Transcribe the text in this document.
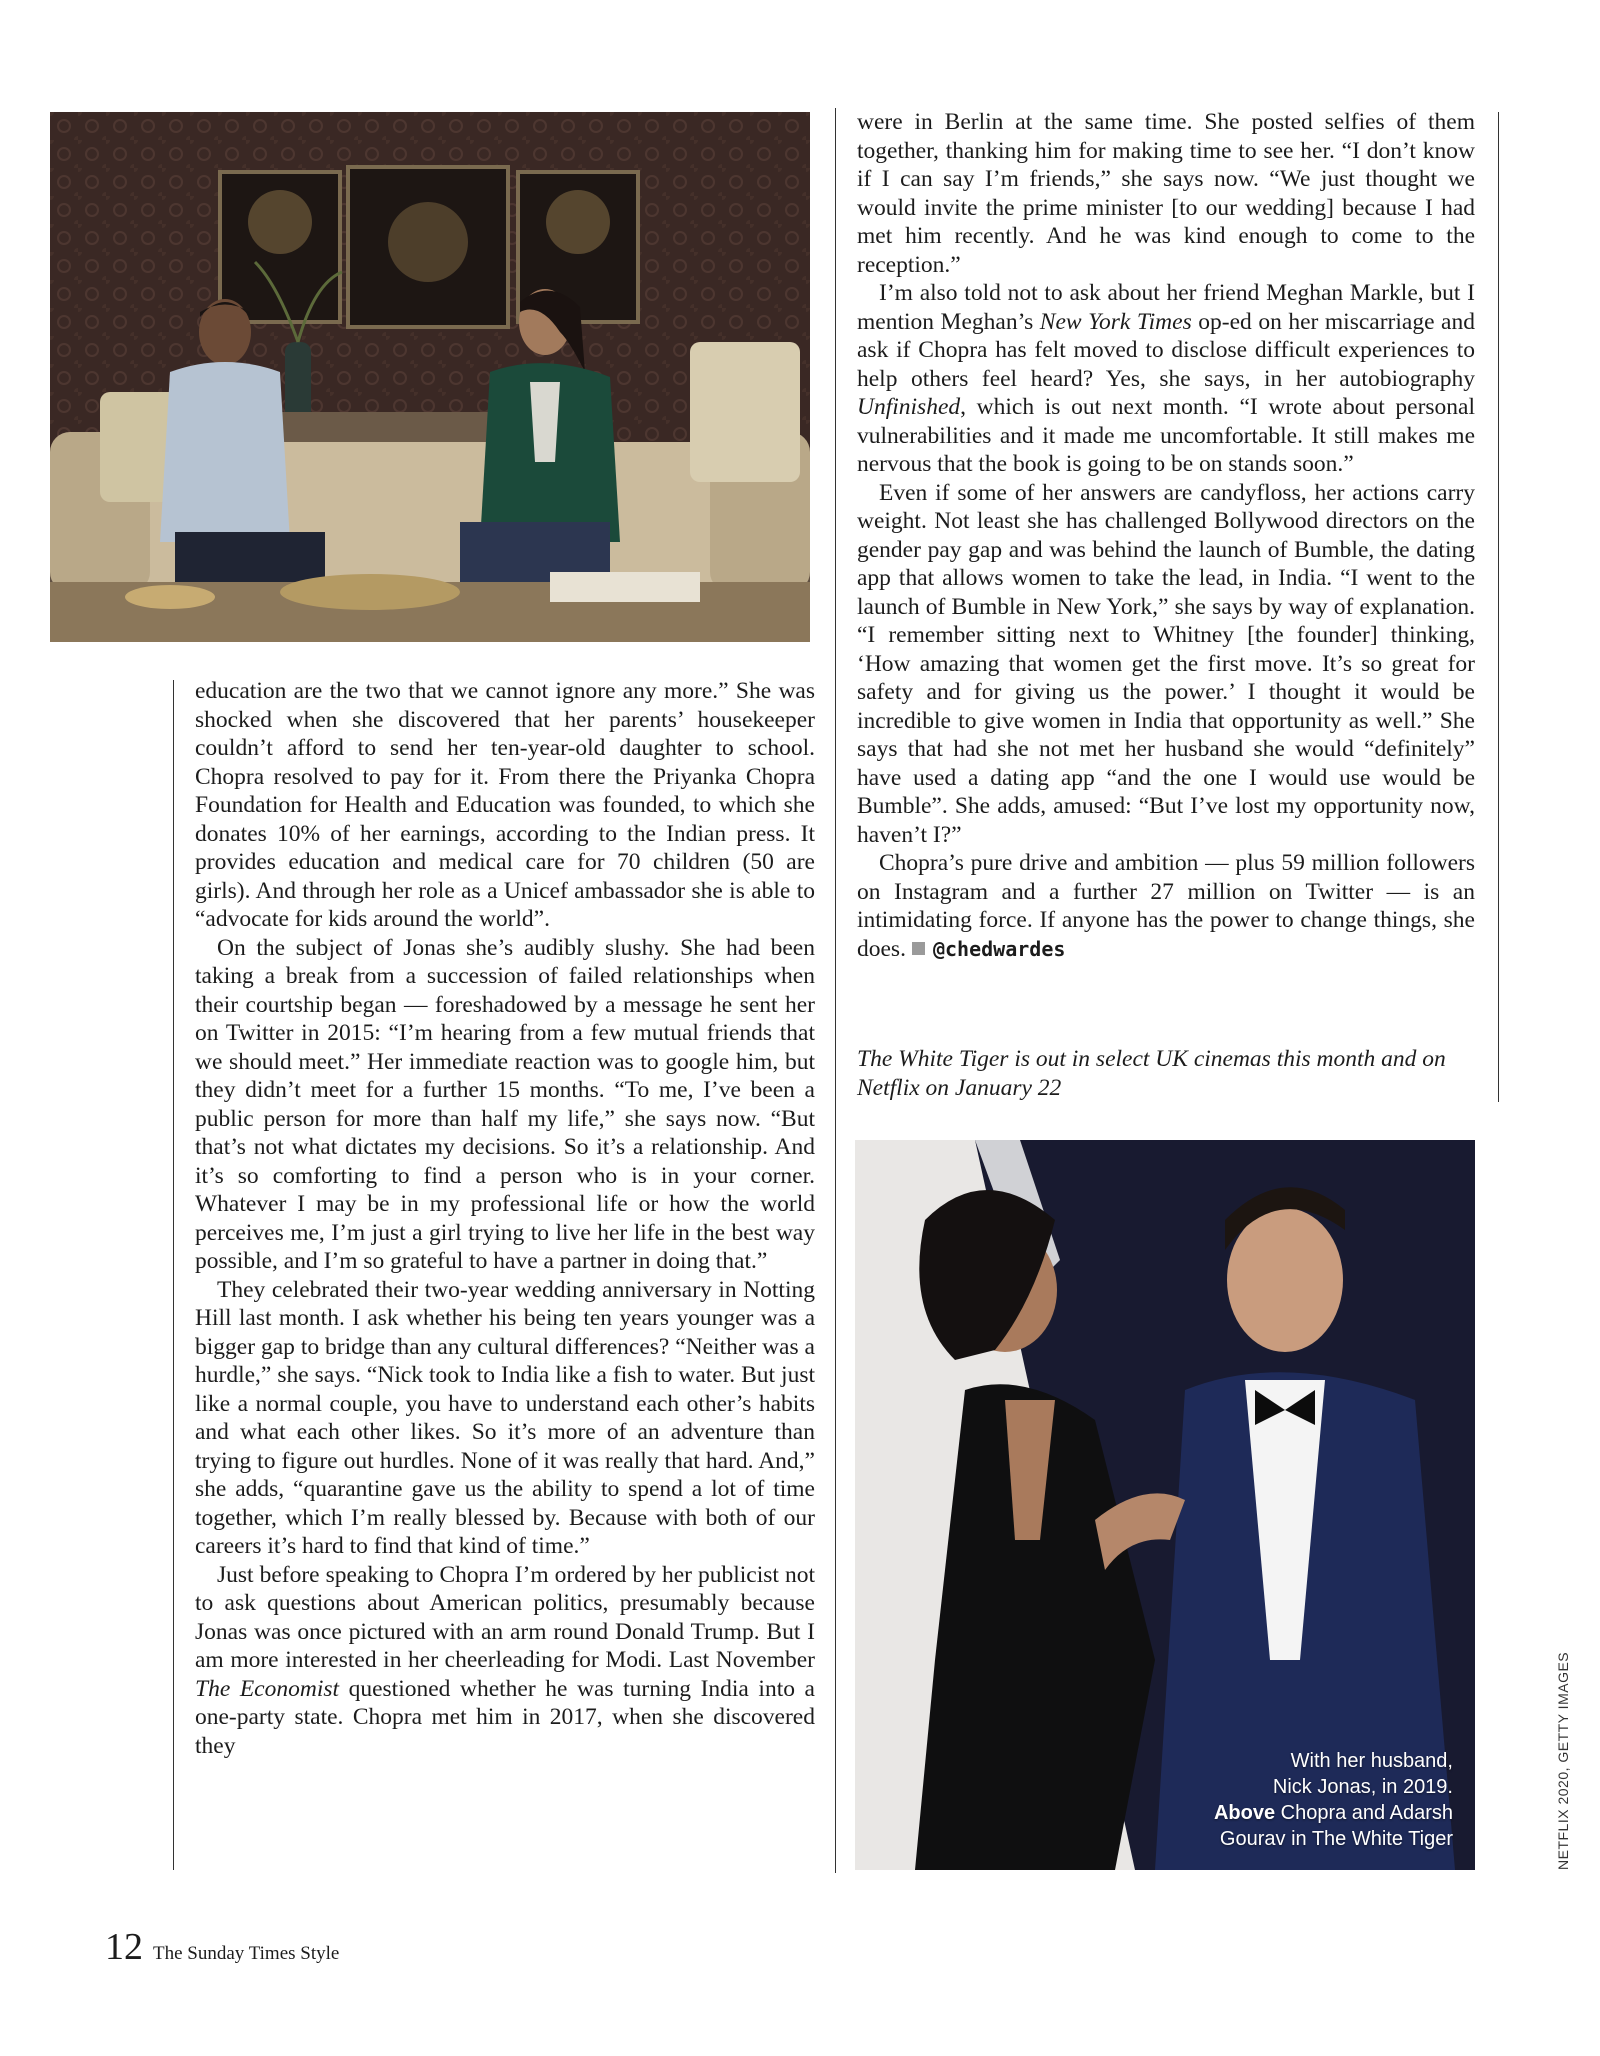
education are the two that we cannot ignore any more.” She was shocked when she discovered that her parents’ housekeeper couldn’t afford to send her ten-year-old daughter to school. Chopra resolved to pay for it. From there the Priyanka Chopra Foundation for Health and Education was founded, to which she donates 10% of her earnings, according to the Indian press. It provides education and medical care for 70 children (50 are girls). And through her role as a Unicef ambassador she is able to “advocate for kids around the world”.

On the subject of Jonas she’s audibly slushy. She had been taking a break from a succession of failed relationships when their courtship began — foreshadowed by a message he sent her on Twitter in 2015: “I’m hearing from a few mutual friends that we should meet.” Her immediate reaction was to google him, but they didn’t meet for a further 15 months. “To me, I’ve been a public person for more than half my life,” she says now. “But that’s not what dictates my decisions. So it’s a relationship. And it’s so comforting to find a person who is in your corner. Whatever I may be in my professional life or how the world perceives me, I’m just a girl trying to live her life in the best way possible, and I’m so grateful to have a partner in doing that.”

They celebrated their two-year wedding anniversary in Notting Hill last month. I ask whether his being ten years younger was a bigger gap to bridge than any cultural differences? “Neither was a hurdle,” she says. “Nick took to India like a fish to water. But just like a normal couple, you have to understand each other’s habits and what each other likes. So it’s more of an adventure than trying to figure out hurdles. None of it was really that hard. And,” she adds, “quarantine gave us the ability to spend a lot of time together, which I’m really blessed by. Because with both of our careers it’s hard to find that kind of time.”

Just before speaking to Chopra I’m ordered by her publicist not to ask questions about American politics, presumably because Jonas was once pictured with an arm round Donald Trump. But I am more interested in her cheerleading for Modi. Last November The Economist questioned whether he was turning India into a one-party state. Chopra met him in 2017, when she discovered they

were in Berlin at the same time. She posted selfies of them together, thanking him for making time to see her. “I don’t know if I can say I’m friends,” she says now. “We just thought we would invite the prime minister [to our wedding] because I had met him recently. And he was kind enough to come to the reception.”

I’m also told not to ask about her friend Meghan Markle, but I mention Meghan’s New York Times op-ed on her miscarriage and ask if Chopra has felt moved to disclose difficult experiences to help others feel heard? Yes, she says, in her autobiography Unfinished, which is out next month. “I wrote about personal vulnerabilities and it made me uncomfortable. It still makes me nervous that the book is going to be on stands soon.”

Even if some of her answers are candyfloss, her actions carry weight. Not least she has challenged Bollywood directors on the gender pay gap and was behind the launch of Bumble, the dating app that allows women to take the lead, in India. “I went to the launch of Bumble in New York,” she says by way of explanation. “I remember sitting next to Whitney [the founder] thinking, ‘How amazing that women get the first move. It’s so great for safety and for giving us the power.’ I thought it would be incredible to give women in India that opportunity as well.” She says that had she not met her husband she would “definitely” have used a dating app “and the one I would use would be Bumble”. She adds, amused: “But I’ve lost my opportunity now, haven’t I?”

Chopra’s pure drive and ambition — plus 59 million followers on Instagram and a further 27 million on Twitter — is an intimidating force. If anyone has the power to change things, she does. @chedwardes

The White Tiger is out in select UK cinemas this month and on Netflix on January 22
With her husband,
Nick Jonas, in 2019.
Above Chopra and Adarsh
Gourav in The White Tiger	NETFLIX 2020, GETTY IMAGES
12 The Sunday Times Style
